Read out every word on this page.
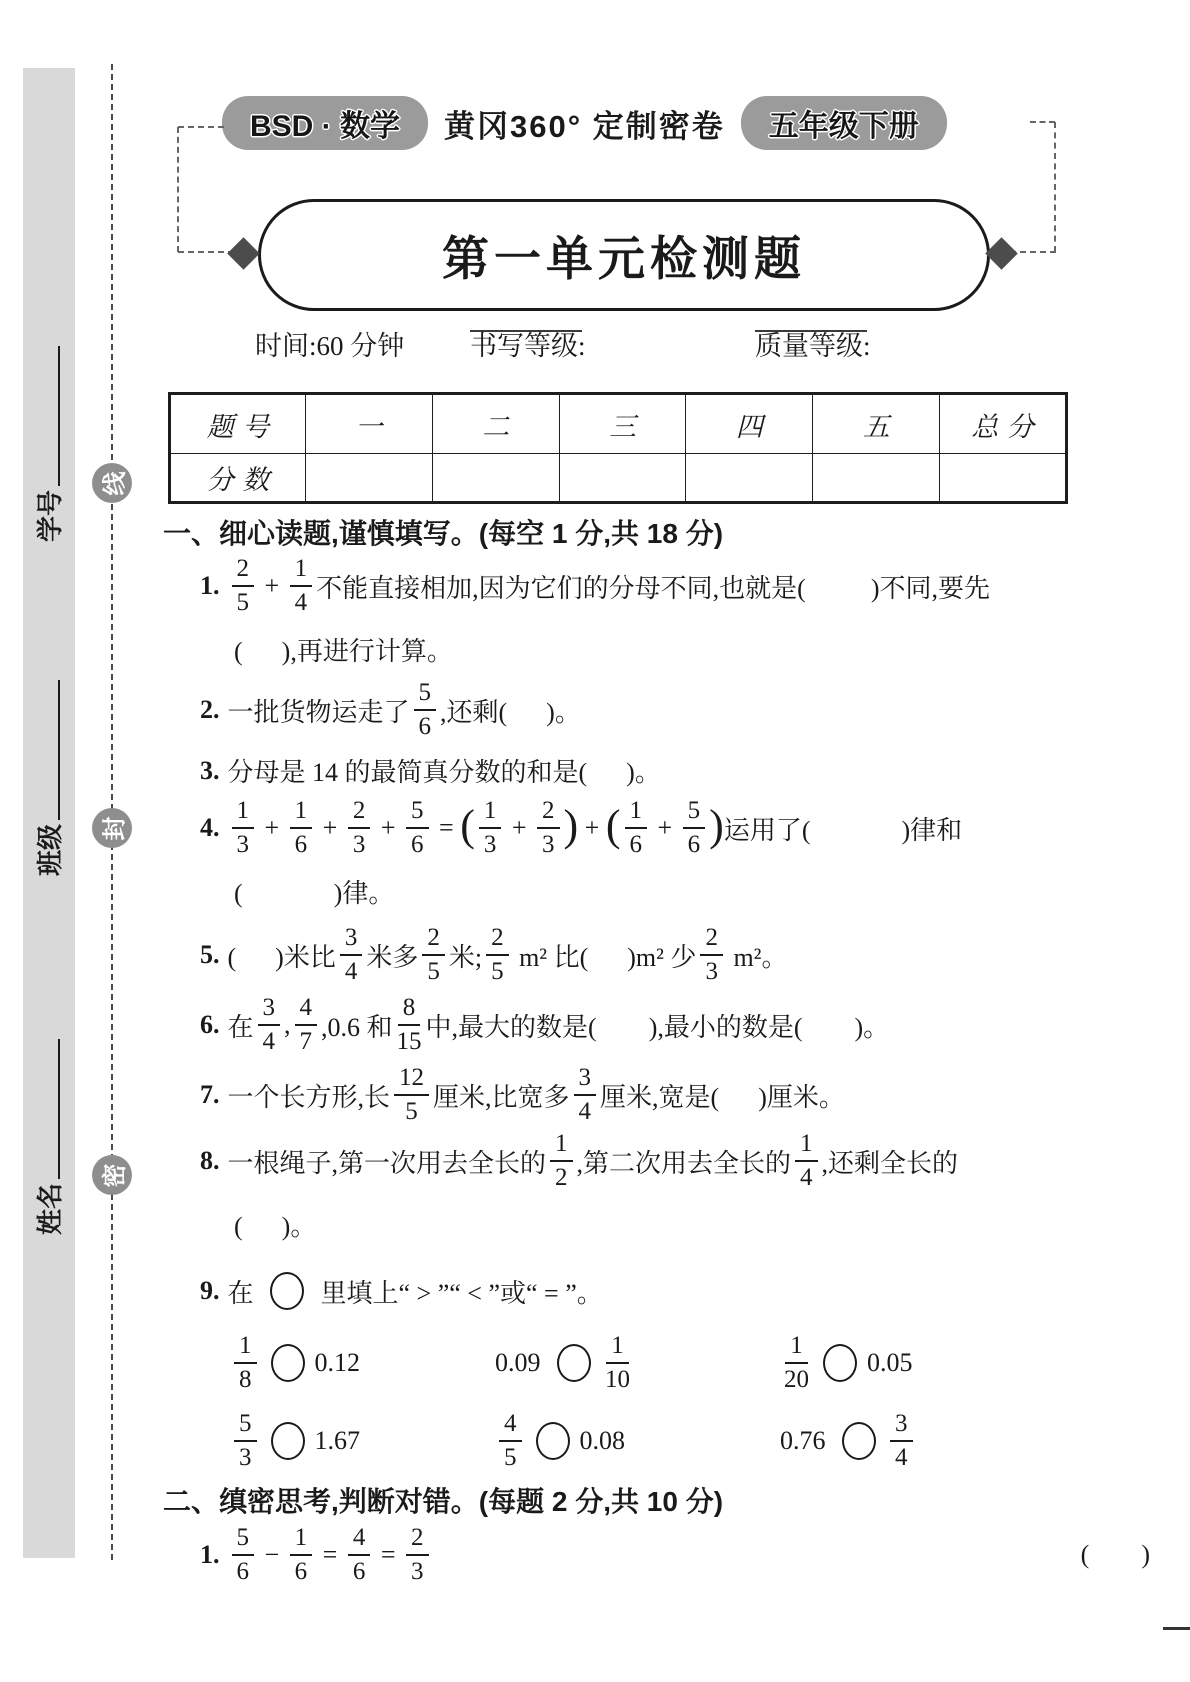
学号
班级
姓名
线
封
密
BSD · 数学	黄冈360° 定制密卷	五年级下册
第一单元检测题
时间:60 分钟 书写等级:	质量等级:
题 号	一	二	三	四	五	总 分
分 数						
一、细心读题,谨慎填写。(每空 1 分,共 18 分)
1. $\frac{2}{5} + \frac{1}{4}$ 不能直接相加,因为它们的分母不同,也就是(          )不同,要先
(      ),再进行计算。
2. 一批货物运走了 $\frac{5}{6}$ ,还剩(      )。
3. 分母是 14 的最简真分数的和是(      )。
4. $\frac{1}{3} + \frac{1}{6} + \frac{2}{3} + \frac{5}{6}$ = ( $\frac{1}{3} + \frac{2}{3}$ ) + ( $\frac{1}{6} + \frac{5}{6}$ ) 运用了(              )律和
(              )律。
5. (      )米比 $\frac{3}{4}$ 米多 $\frac{2}{5}$ 米; $\frac{2}{5} m^2$ 比(      )m² 少 $\frac{2}{3} m^2$。
6. 在 $\frac{3}{4}$ , $\frac{4}{7} ,0.6$ 和 $\frac{8}{15}$ 中,最大的数是(        ),最小的数是(        )。
7. 一个长方形,长 $\frac{12}{5}$ 厘米,比宽多 $\frac{3}{4}$ 厘米,宽是(      )厘米。
8. 一根绳子,第一次用去全长的 $\frac{1}{2}$ ,第二次用去全长的 $\frac{1}{4}$ ,还剩全长的
(      )。
9. 在 里填上“ > ”“ < ”或“ = ”。
$\frac{1}{8} 0.12$	$0.09 \frac{1}{10}$	$\frac{1}{20} 0.05$
$\frac{5}{3} 1.67$	$\frac{4}{5} 0.08$	$0.76 \frac{3}{4}$
二、缜密思考,判断对错。(每题 2 分,共 10 分)
1. $\frac{5}{6} - \frac{1}{6} = \frac{4}{6} = \frac{2}{3}$	(        )
